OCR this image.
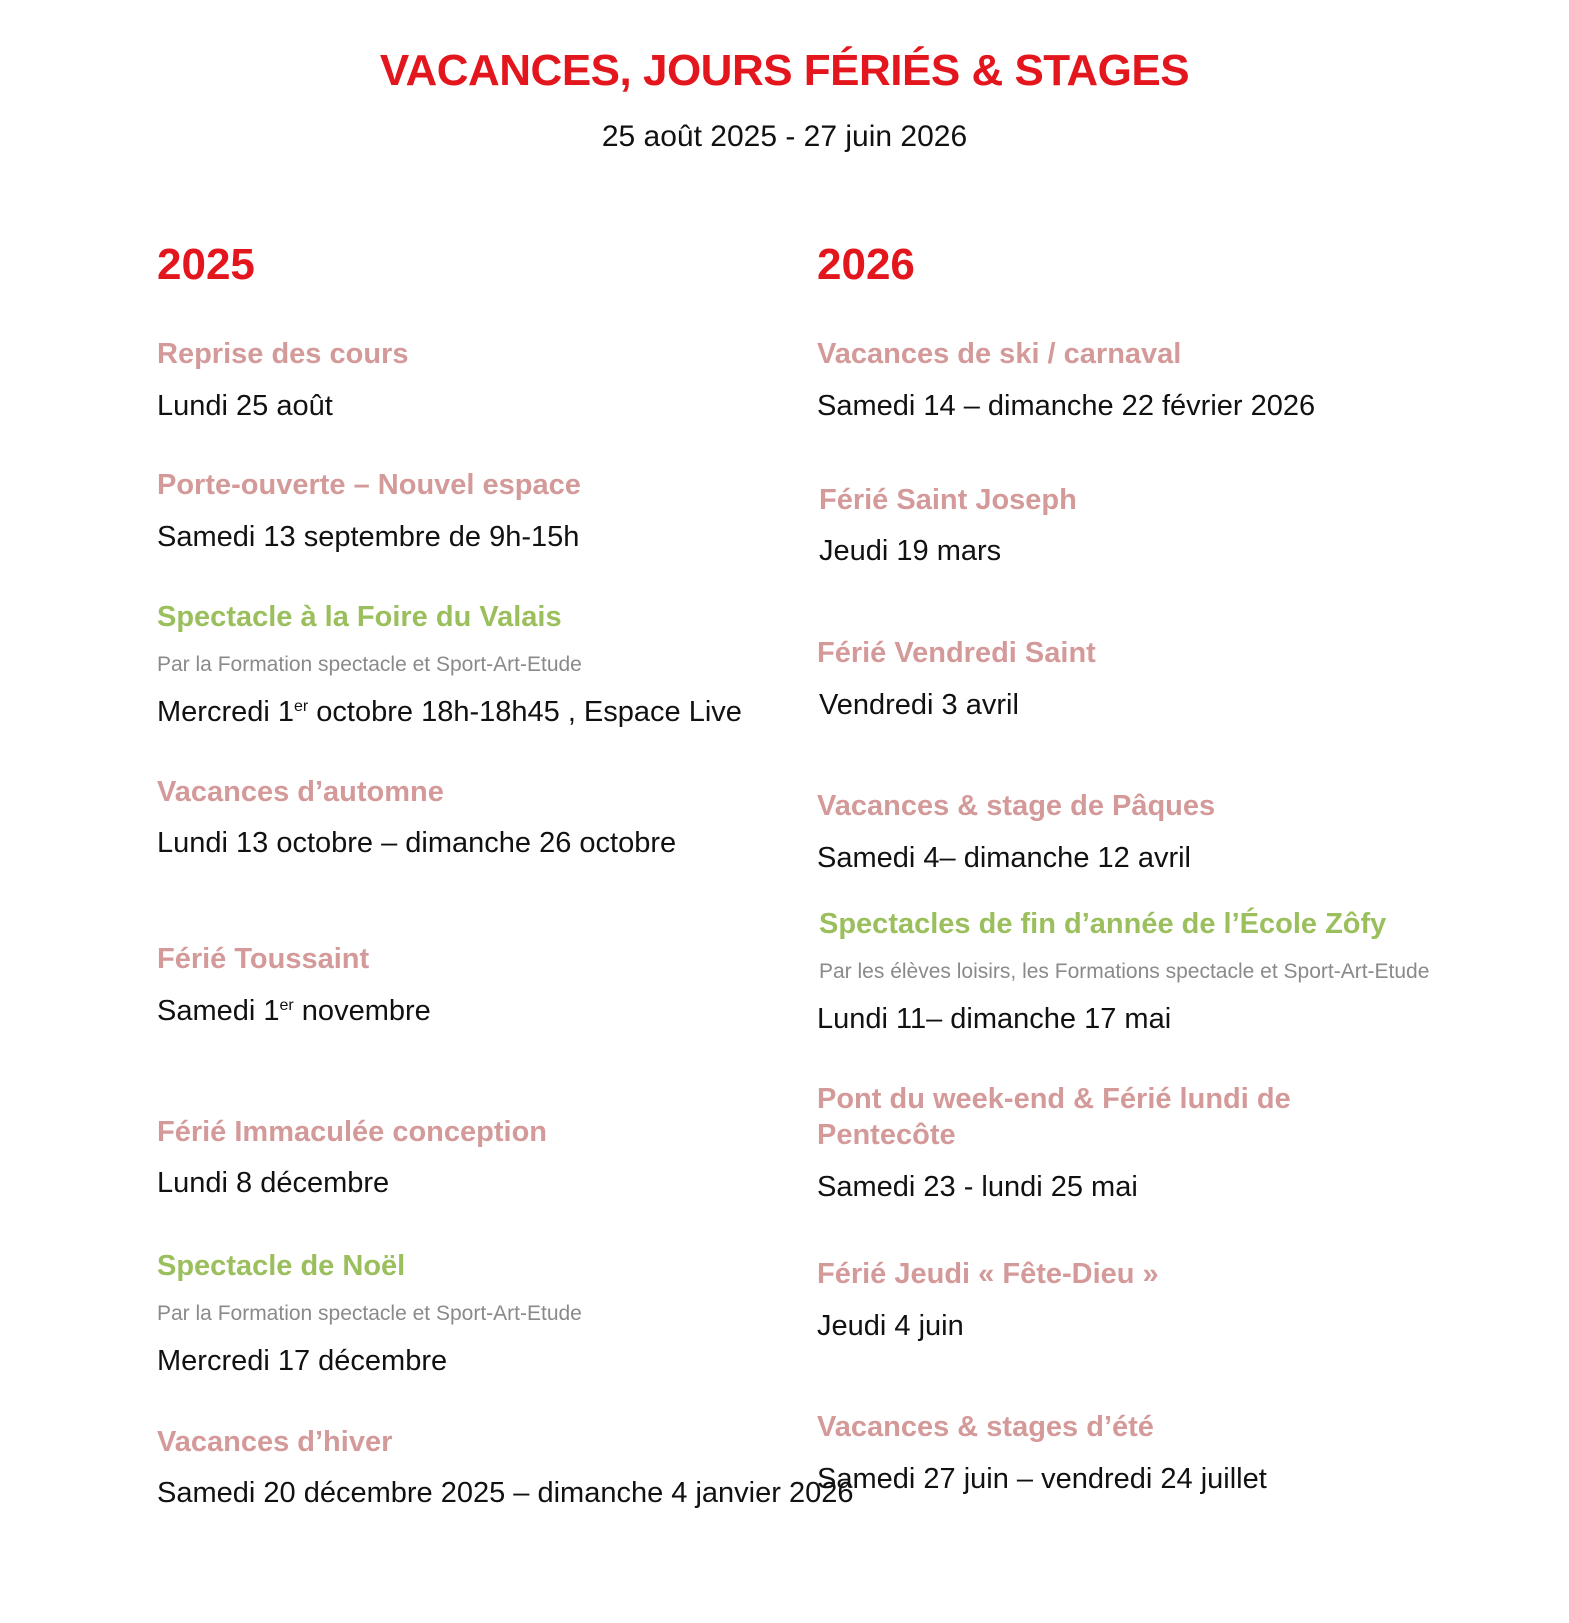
VACANCES, JOURS FÉRIÉS & STAGES

25 août 2025 - 27 juin 2026

2025
Reprise des cours
Lundi 25 août
Porte-ouverte – Nouvel espace
Samedi 13 septembre de 9h-15h
Spectacle à la Foire du Valais
Par la Formation spectacle et Sport-Art-Etude
Mercredi 1er octobre 18h-18h45 , Espace Live
Vacances d’automne
Lundi 13 octobre – dimanche 26 octobre
Férié Toussaint
Samedi 1er novembre
Férié Immaculée conception
Lundi 8 décembre
Spectacle de Noël
Par la Formation spectacle et Sport-Art-Etude
Mercredi 17 décembre
Vacances d’hiver
Samedi 20 décembre 2025 – dimanche 4 janvier 2026
2026
Vacances de ski / carnaval
Samedi 14 – dimanche 22 février 2026
Férié Saint Joseph
Jeudi 19 mars
Férié Vendredi Saint
Vendredi 3 avril
Vacances & stage de Pâques
Samedi 4– dimanche 12 avril
Spectacles de fin d’année de l’École Zôfy
Par les élèves loisirs, les Formations spectacle et Sport-Art-Etude
Lundi 11– dimanche 17 mai
Pont du week-end & Férié lundi de
Pentecôte
Samedi 23 - lundi 25 mai
Férié Jeudi « Fête-Dieu »
Jeudi 4 juin
Vacances & stages d’été
Samedi 27 juin – vendredi 24 juillet
